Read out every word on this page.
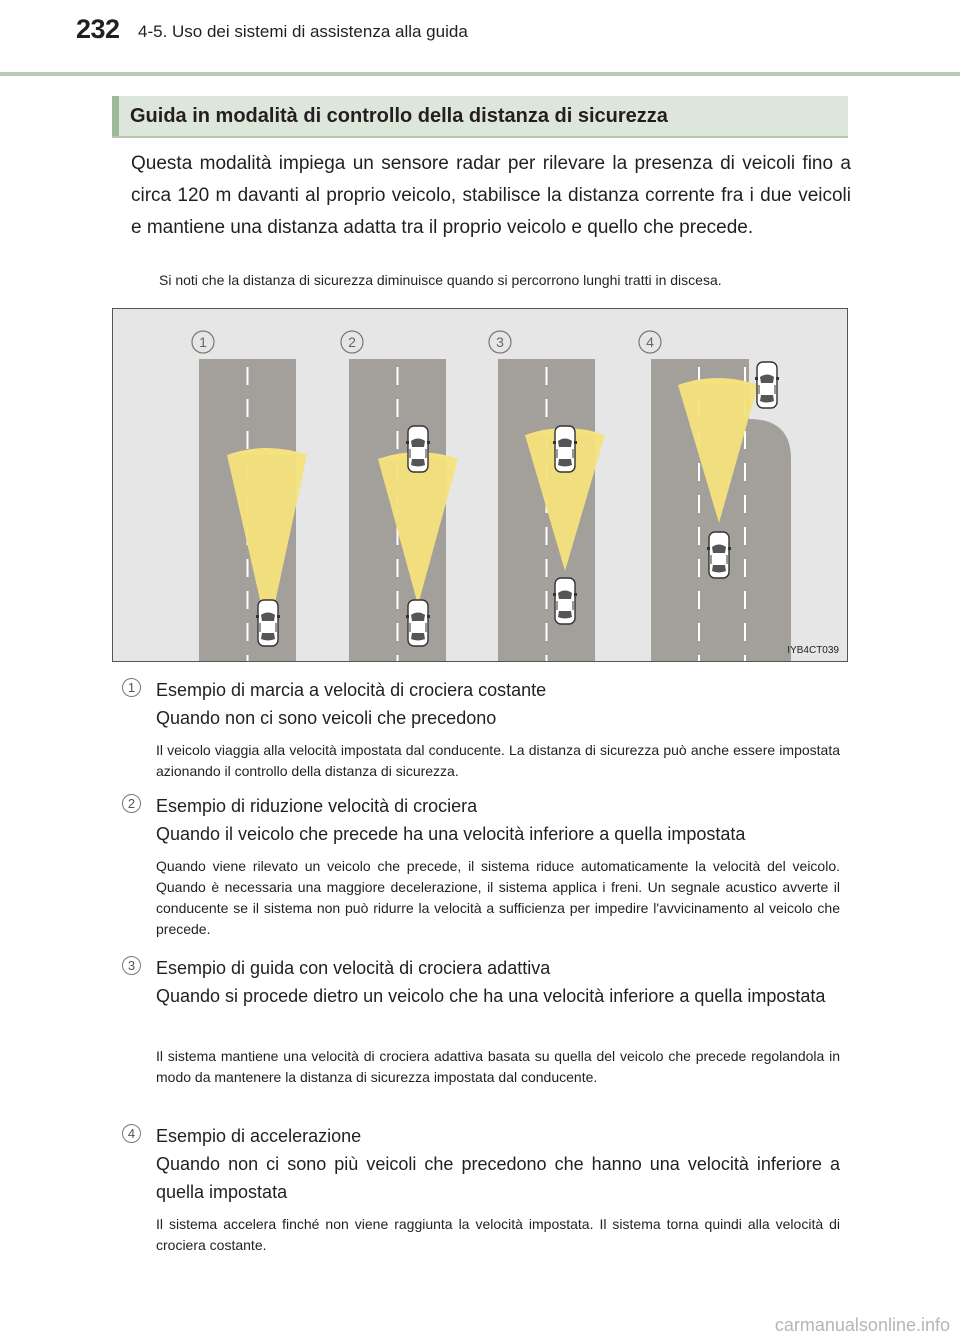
232 4-5. Uso dei sistemi di assistenza alla guida
Guida in modalità di controllo della distanza di sicurezza
Questa modalità impiega un sensore radar per rilevare la presenza di veicoli fino a circa 120 m davanti al proprio veicolo, stabilisce la distanza corrente fra i due veicoli e mantiene una distanza adatta tra il proprio veicolo e quello che precede.
Si noti che la distanza di sicurezza diminuisce quando si percorrono lunghi tratti in discesa.
1	2	3	4
IYB4CT039
1	Esempio di marcia a velocità di crociera costante
Quando non ci sono veicoli che precedono
Il veicolo viaggia alla velocità impostata dal conducente. La distanza di sicurezza può anche essere impostata azionando il controllo della distanza di sicurezza.
2	Esempio di riduzione velocità di crociera
Quando il veicolo che precede ha una velocità inferiore a quella impostata
Quando viene rilevato un veicolo che precede, il sistema riduce automaticamente la velocità del veicolo. Quando è necessaria una maggiore decelerazione, il sistema applica i freni. Un segnale acustico avverte il conducente se il sistema non può ridurre la velocità a sufficienza per impedire l'avvicinamento al veicolo che precede.
3	Esempio di guida con velocità di crociera adattiva
Quando si procede dietro un veicolo che ha una velocità inferiore a quella impostata
Il sistema mantiene una velocità di crociera adattiva basata su quella del veicolo che precede regolandola in modo da mantenere la distanza di sicurezza impostata dal conducente.
4	Esempio di accelerazione
Quando non ci sono più veicoli che precedono che hanno una velocità inferiore a quella impostata
Il sistema accelera finché non viene raggiunta la velocità impostata. Il sistema torna quindi alla velocità di crociera costante.
carmanualsonline.info
